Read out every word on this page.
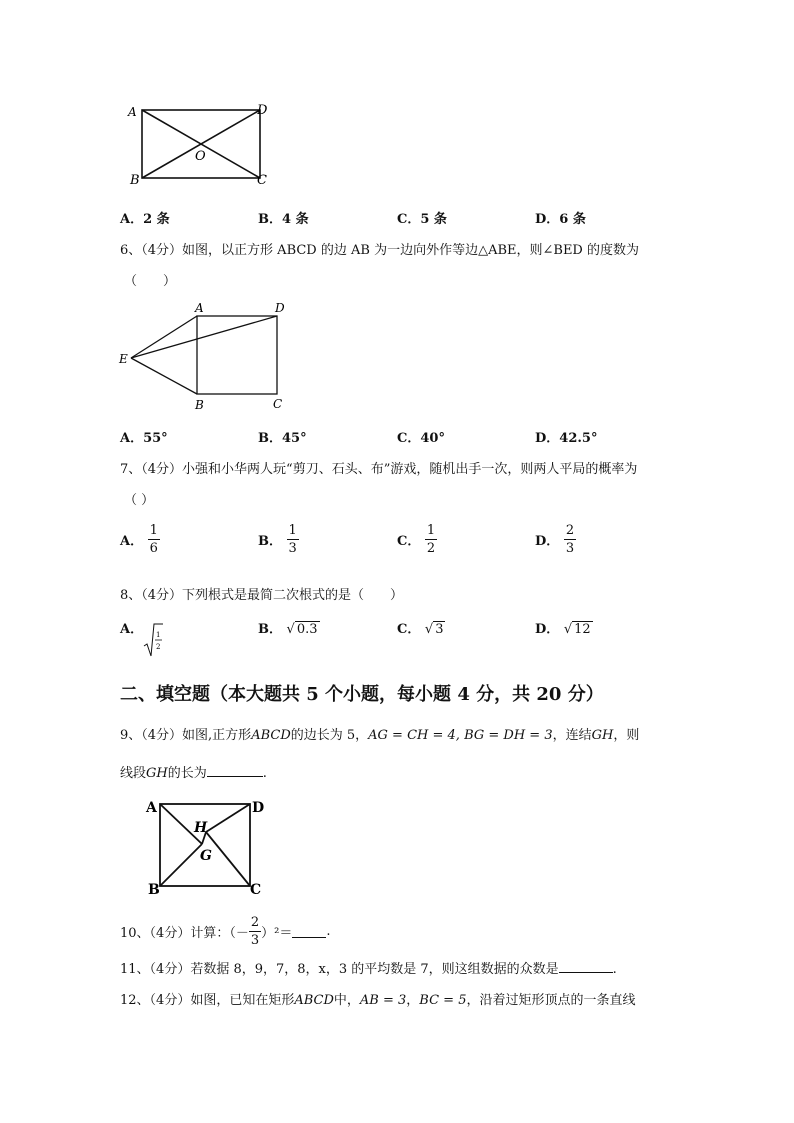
A	D
B	C
O
A．2 条	B．4 条	C．5 条	D．6 条
6、（4分）如图，以正方形 ABCD 的边 AB 为一边向外作等边△ABE，则∠BED 的度数为
（　　）
A	D
E
B	C
A．55°	B．45°	C．40°	D．42.5°
7、（4分）小强和小华两人玩“剪刀、石头、布”游戏，随机出手一次，则两人平局的概率为
（ ）
A． $\frac{1}{6}$	B． $\frac{1}{3}$	C． $\frac{1}{2}$	D． $\frac{2}{3}$
8、（4分）下列根式是最简二次根式的是（　　）
A． 1
2
B． √ 0.3	C． √ 3	D． √ 12
二、填空题（本大题共 5 个小题，每小题 4 分，共 20 分）
9、（4分）如图,正方形ABCD的边长为 5，AG = CH = 4, BG = DH = 3，连结GH，则
线段GH的长为	.
A	D
B	C
H
G
10、（4分）计算：（－ $\frac{2}{3} )^2=$	.
11、（4分）若数据 8，9，7，8，x，3 的平均数是 7，则这组数据的众数是	.
12、（4分）如图，已知在矩形ABCD中，AB = 3，BC = 5，沿着过矩形顶点的一条直线
